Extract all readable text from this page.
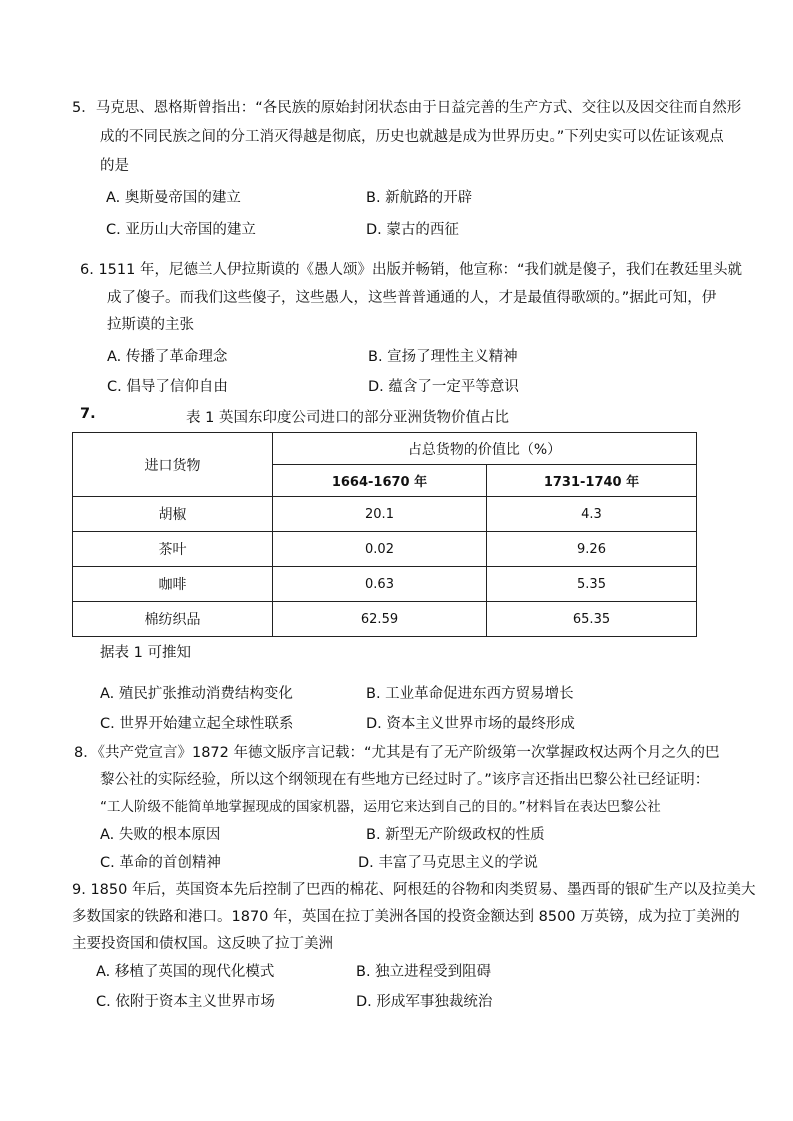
5．马克思、恩格斯曾指出：“各民族的原始封闭状态由于日益完善的生产方式、交往以及因交往而自然形
成的不同民族之间的分工消灭得越是彻底，历史也就越是成为世界历史。”下列史实可以佐证该观点
的是
A. 奥斯曼帝国的建立	B. 新航路的开辟
C. 亚历山大帝国的建立	D. 蒙古的西征
6. 1511 年，尼德兰人伊拉斯谟的《愚人颂》出版并畅销，他宣称：“我们就是傻子，我们在教廷里头就
成了傻子。而我们这些傻子，这些愚人，这些普普通通的人，才是最值得歌颂的。”据此可知，伊
拉斯谟的主张
A. 传播了革命理念	B. 宣扬了理性主义精神
C. 倡导了信仰自由	D. 蕴含了一定平等意识
7.	表 1 英国东印度公司进口的部分亚洲货物价值占比
进口货物	占总货物的价值比（%）	
	1664-1670 年	1731-1740 年
胡椒	20.1	4.3
茶叶	0.02	9.26
咖啡	0.63	5.35
棉纺织品	62.59	65.35
据表 1 可推知
A. 殖民扩张推动消费结构变化	B. 工业革命促进东西方贸易增长
C. 世界开始建立起全球性联系	D. 资本主义世界市场的最终形成
8．《共产党宣言》1872 年德文版序言记载：“尤其是有了无产阶级第一次掌握政权达两个月之久的巴
黎公社的实际经验，所以这个纲领现在有些地方已经过时了。”该序言还指出巴黎公社已经证明：
“工人阶级不能简单地掌握现成的国家机器，运用它来达到自己的目的。”材料旨在表达巴黎公社
A. 失败的根本原因	B. 新型无产阶级政权的性质
C. 革命的首创精神	D. 丰富了马克思主义的学说
9. 1850 年后，英国资本先后控制了巴西的棉花、阿根廷的谷物和肉类贸易、墨西哥的银矿生产以及拉美大
多数国家的铁路和港口。1870 年，英国在拉丁美洲各国的投资金额达到 8500 万英镑，成为拉丁美洲的
主要投资国和债权国。这反映了拉丁美洲
A. 移植了英国的现代化模式	B. 独立进程受到阻碍
C. 依附于资本主义世界市场	D. 形成军事独裁统治
